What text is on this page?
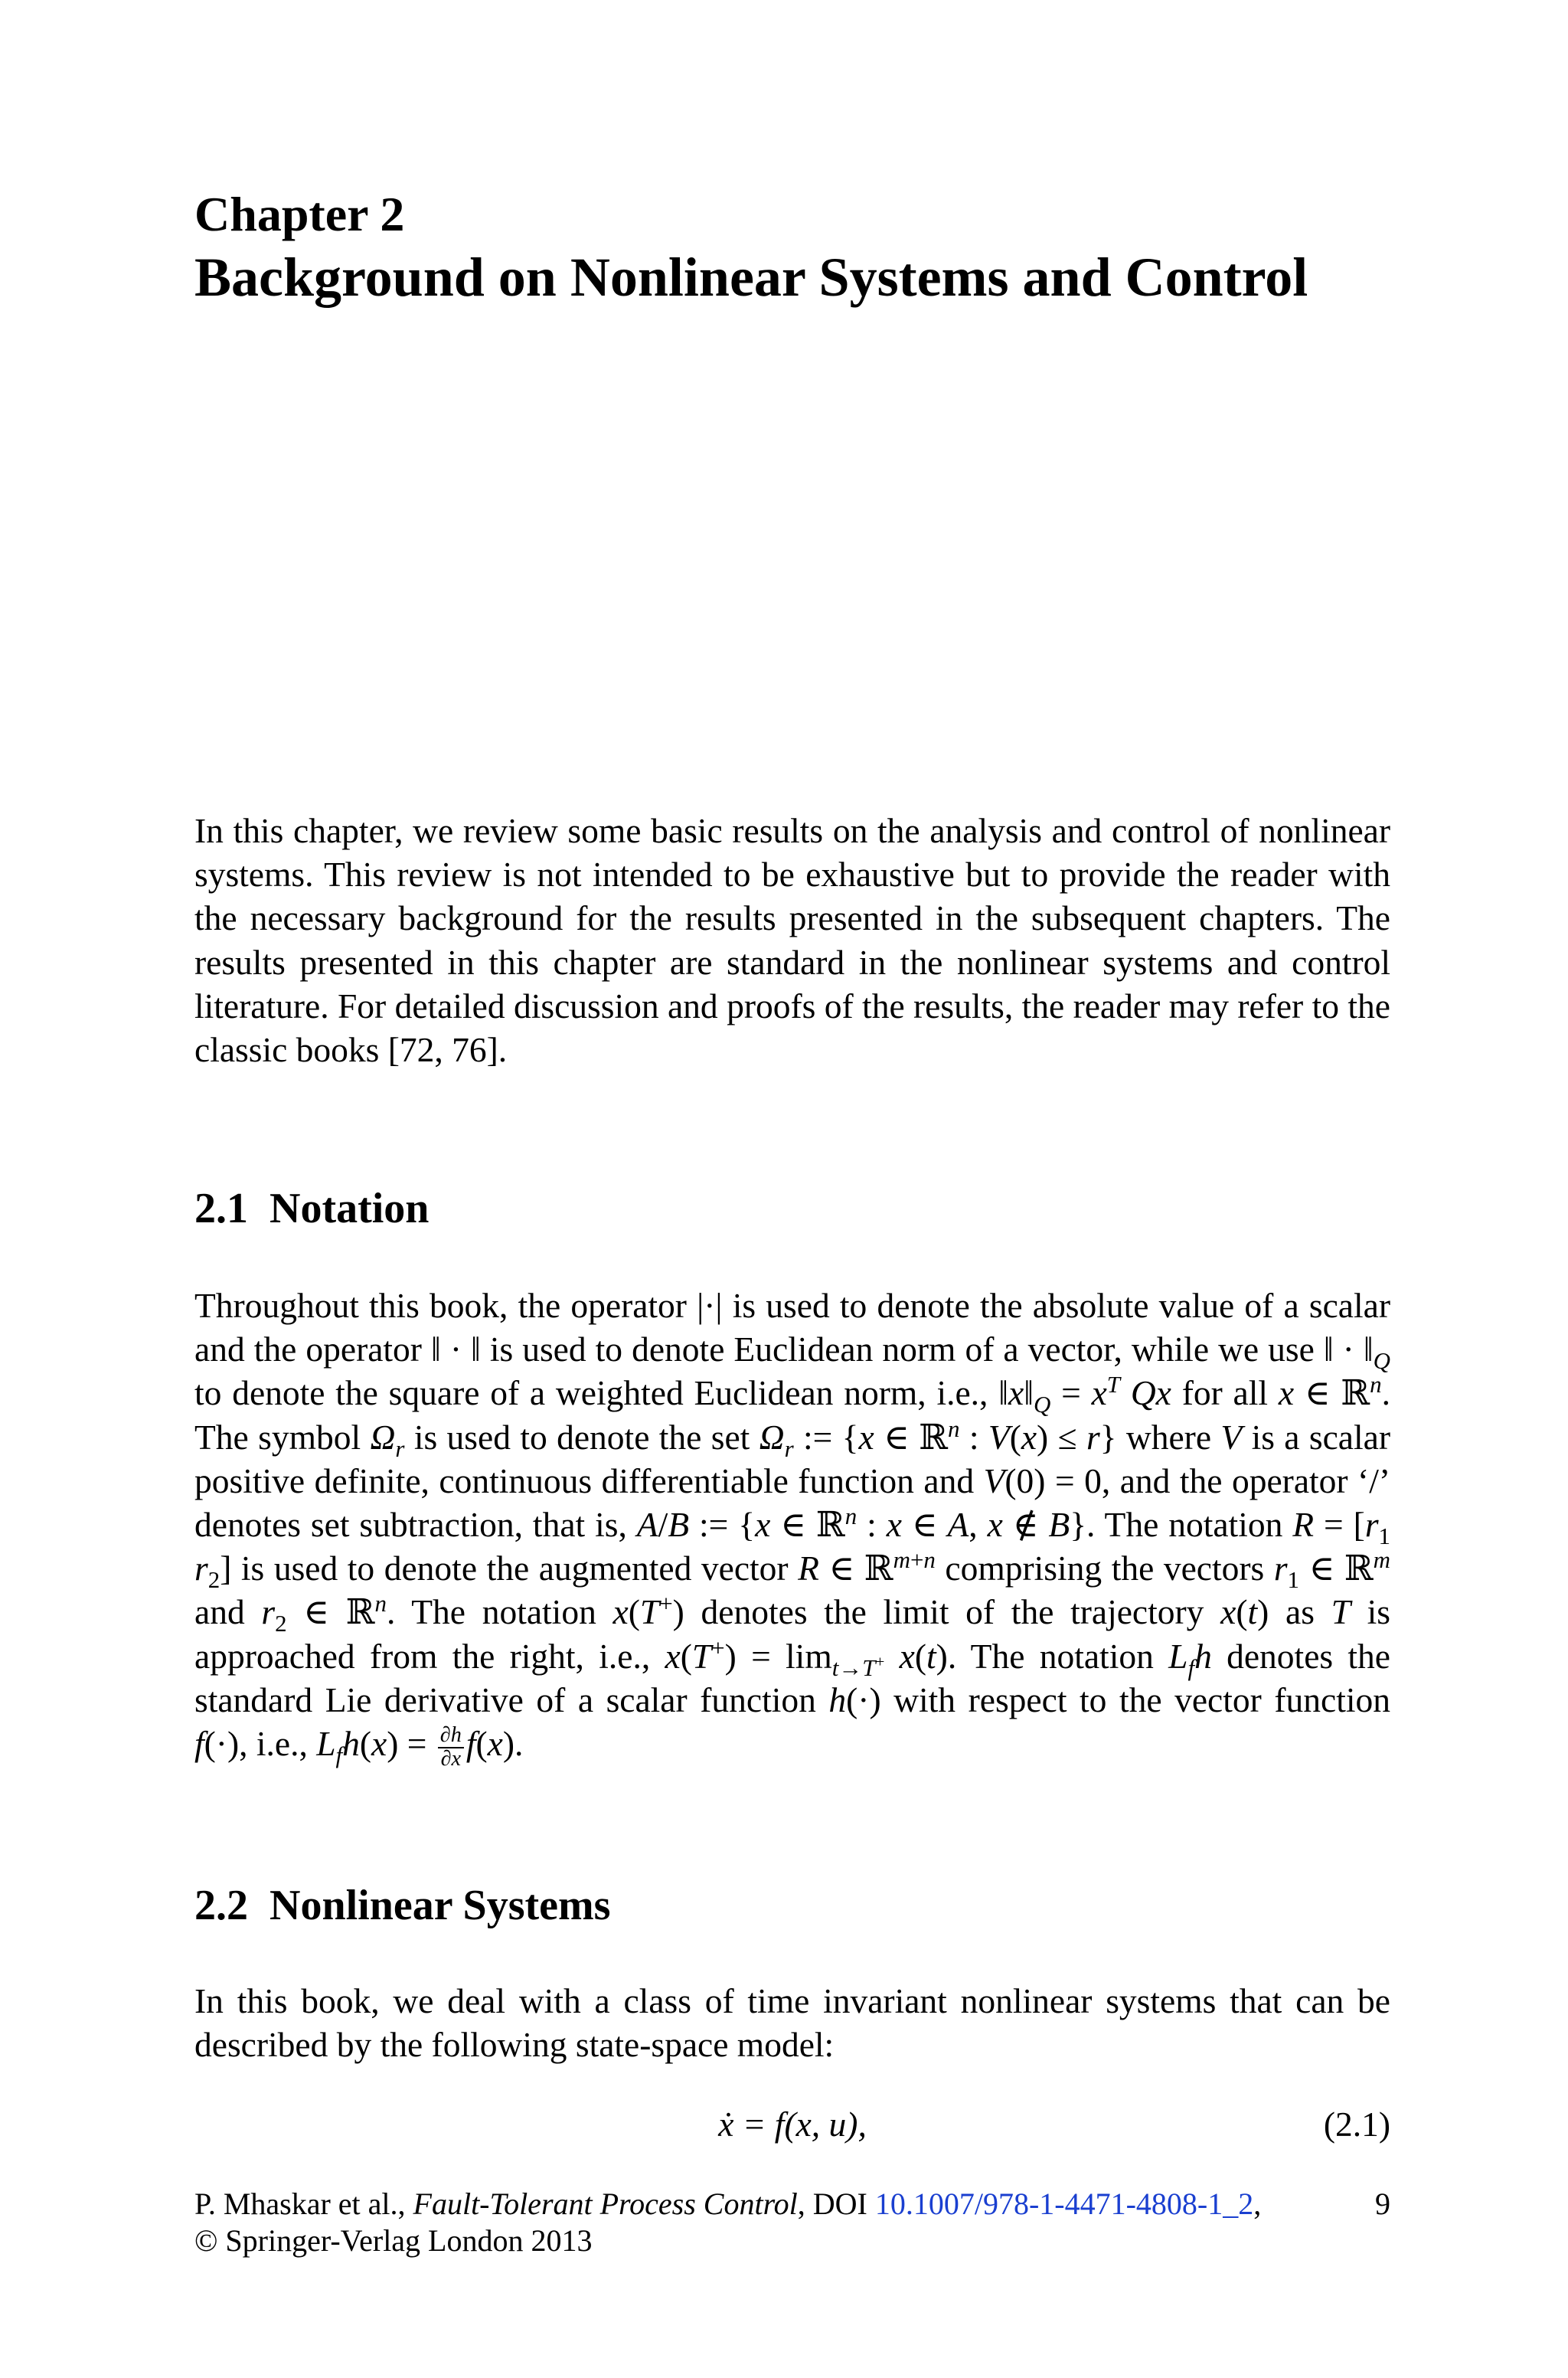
Chapter 2
Background on Nonlinear Systems and Control
In this chapter, we review some basic results on the analysis and control of nonlinear systems. This review is not intended to be exhaustive but to provide the reader with the necessary background for the results presented in the subsequent chapters. The results presented in this chapter are standard in the nonlinear systems and control literature. For detailed discussion and proofs of the results, the reader may refer to the classic books [72, 76].
2.1 Notation
Throughout this book, the operator |·| is used to denote the absolute value of a scalar and the operator ‖ · ‖ is used to denote Euclidean norm of a vector, while we use ‖ · $‖_Q$ to denote the square of a weighted Euclidean norm, i.e., $‖x‖_Q = x^T$ Qx for all x ∈ ℝ$^n$. The symbol $\Omega_r$ is used to denote the set $\Omega_r$ := {x ∈ ℝ$^n$ : V(x) ≤ r} where V is a scalar positive definite, continuous differentiable function and V(0) = 0, and the operator ‘/’ denotes set subtraction, that is, A/B := {x ∈ ℝ$^n$ : x ∈ A, x ∉ B}. The notation $R = [r_1$ $r_2$] is used to denote the augmented vector R ∈ ℝ$^{m+n}$ comprising the vectors $r_1$ ∈ ℝ$^m$ and $r_2$ ∈ ℝ$^n$. The notation x(T+) denotes the limit of the trajectory x(t) as T is approached from the right, i.e., $x(T^+) = \lim_{t\to T^+} x(t)$. The notation $L_fh$ denotes the standard Lie derivative of a scalar function h(·) with respect to the vector function f(·), i.e., $L_fh(x) = \frac{\partial h}{\partial x} f(x)$.
2.2 Nonlinear Systems
In this book, we deal with a class of time invariant nonlinear systems that can be described by the following state-space model:
ẋ = f(x, u),	(2.1)
P. Mhaskar et al., Fault-Tolerant Process Control, DOI 10.1007/978-1-4471-4808-1_2,
© Springer-Verlag London 2013
9
